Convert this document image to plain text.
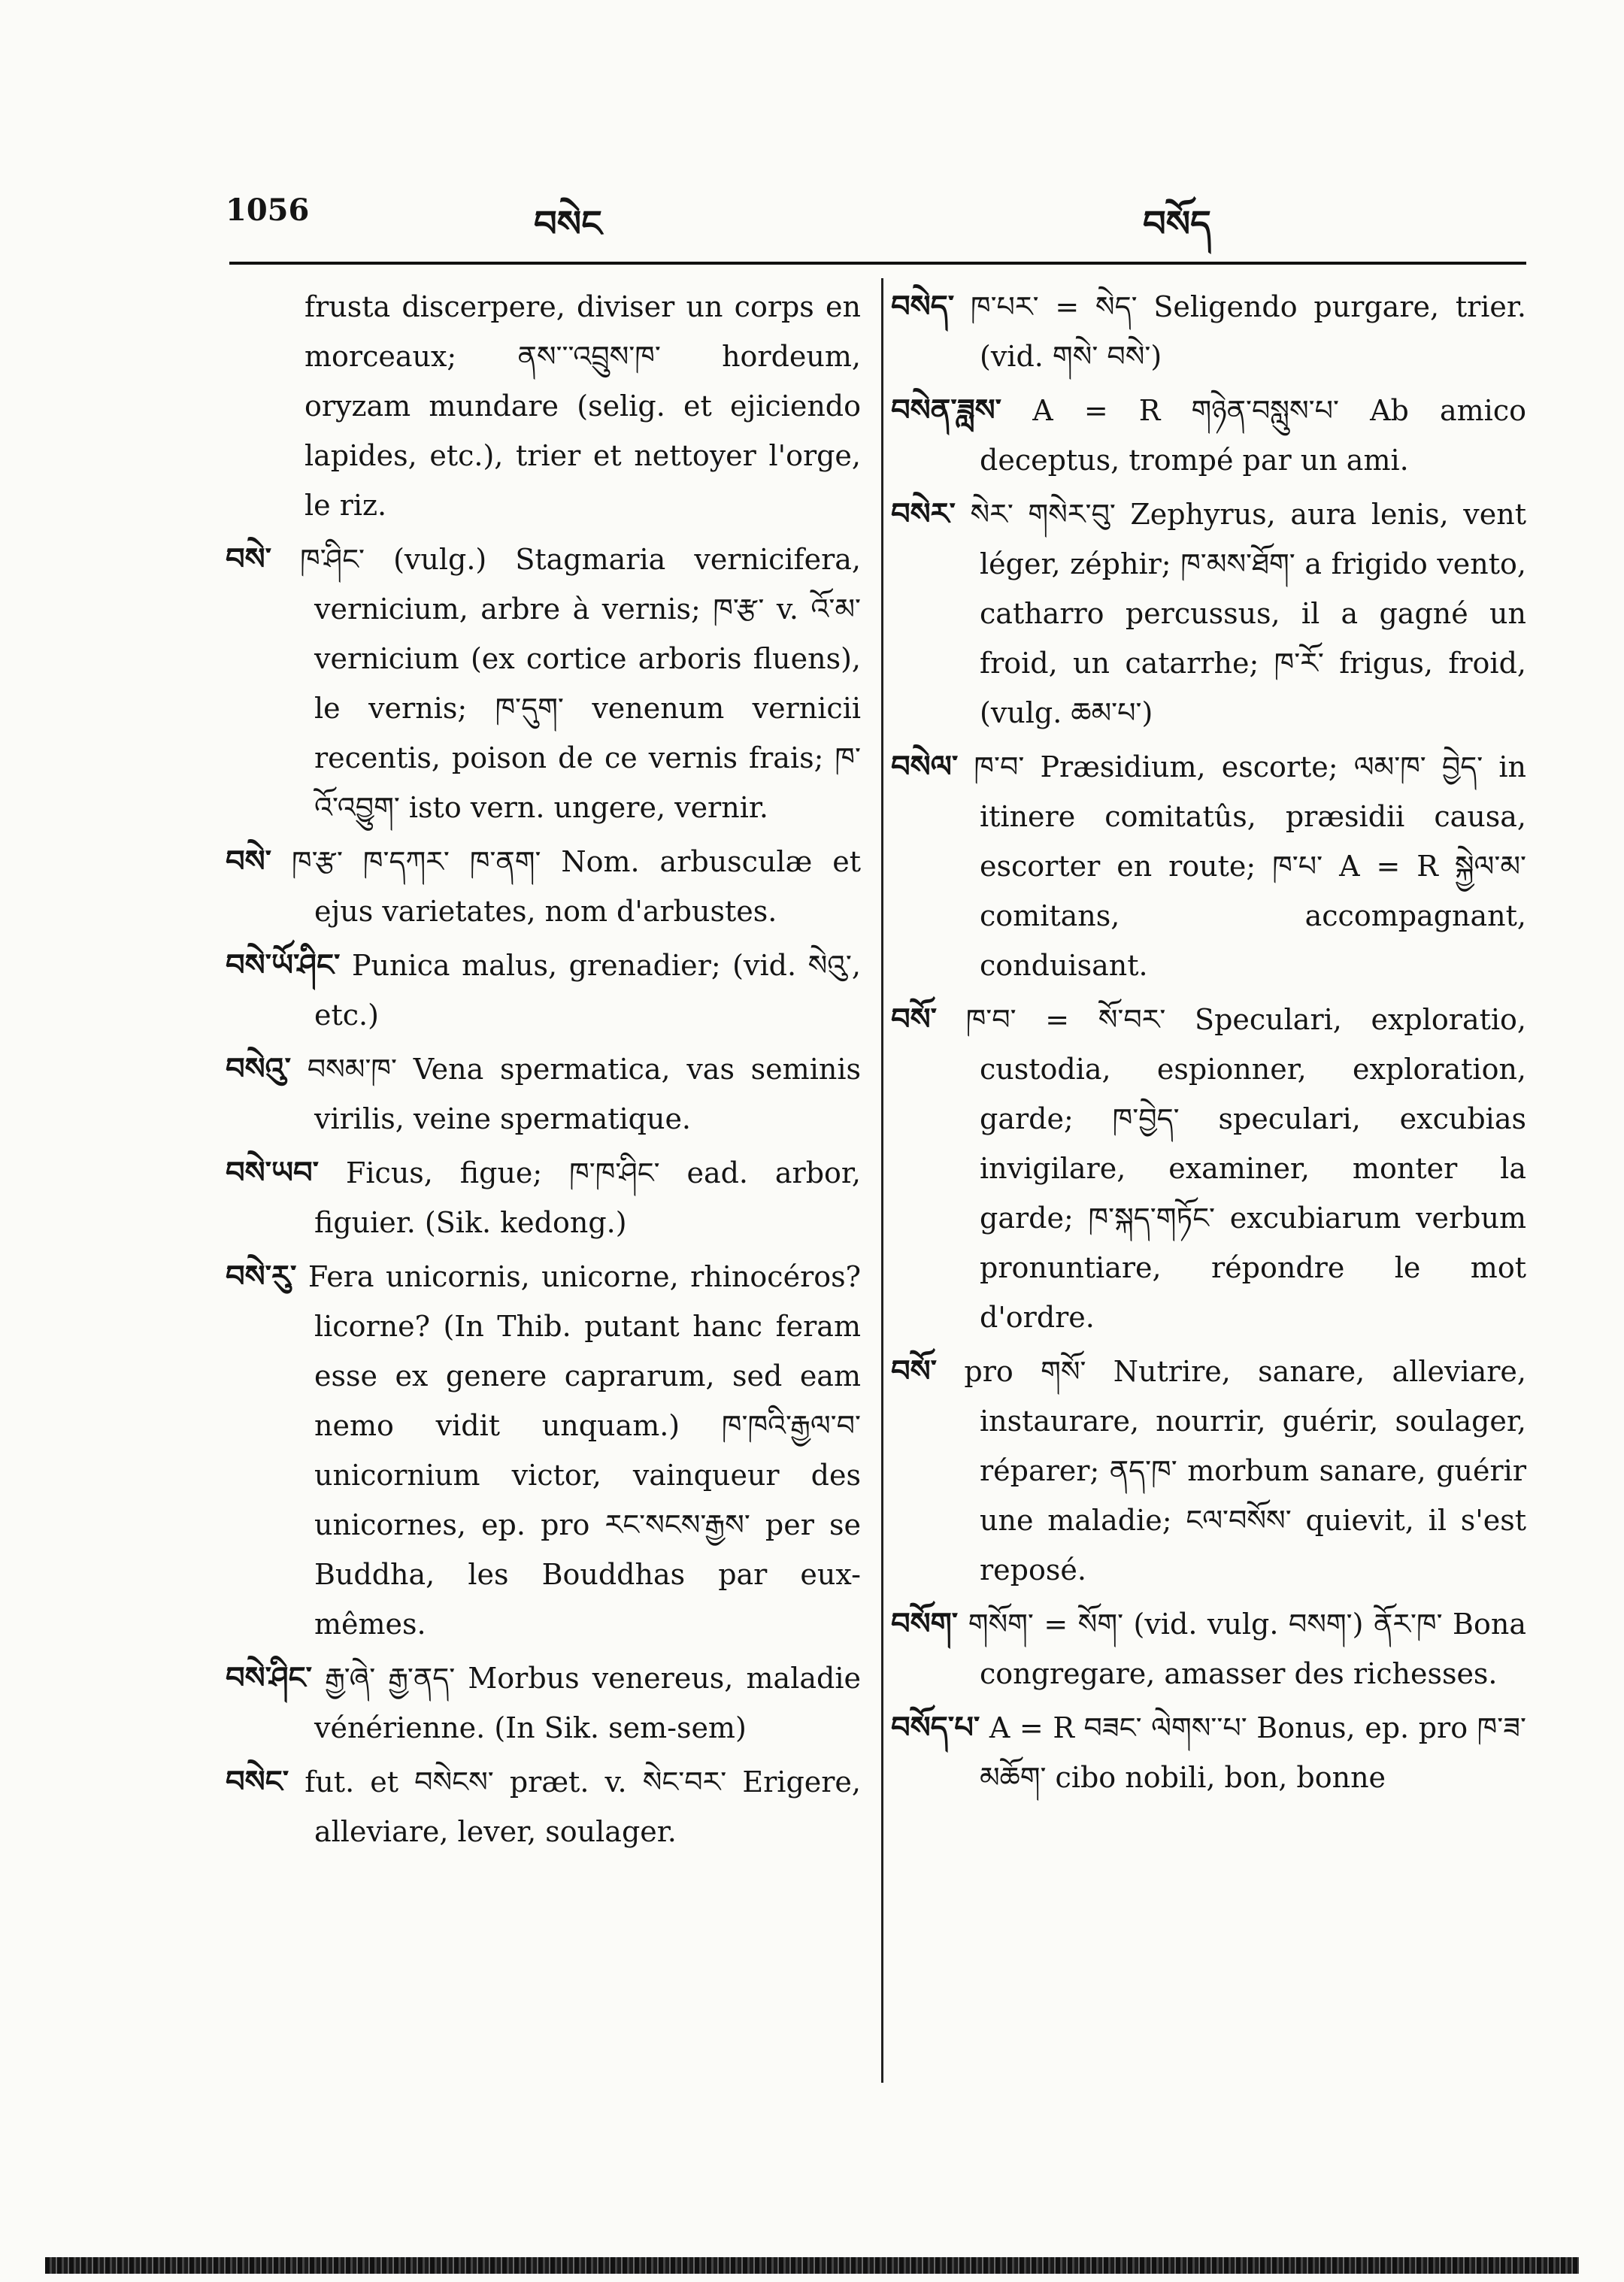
1056	བསེང	བསོད

frusta discerpere, diviser un corps en morceaux; ནས་་་འབྲུས་ཁ་ hordeum, oryzam mundare (selig. et ejiciendo lapides, etc.), trier et nettoyer l'orge, le riz.

བསེ་ ཁ་ཤིང་ (vulg.) Stagmaria vernicifera, vernicium, arbre à vernis; ཁ་རྩ་ v. འོ་མ་ vernicium (ex cortice arboris fluens), le vernis; ཁ་དུག་ venenum vernicii recentis, poison de ce vernis frais; ཁ་འོ་འབྱུག་ isto vern. ungere, vernir.

བསེ་ ཁ་རྩ་ ཁ་དཀར་ ཁ་ནག་ Nom. arbusculæ et ejus varietates, nom d'arbustes.

བསེ་ཡོ་ཤིང་ Punica malus, grenadier; (vid. སེའུ་, etc.)

བསེའུ་ བསམ་ཁ་ Vena spermatica, vas seminis virilis, veine spermatique.

བསེ་ཡབ་ Ficus, figue; ཁ་ཁ་ཤིང་ ead. arbor, figuier. (Sik. kedong.)

བསེ་རུ་ Fera unicornis, unicorne, rhinocéros? licorne? (In Thib. putant hanc feram esse ex genere caprarum, sed eam nemo vidit unquam.) ཁ་ཁའི་རྒྱལ་བ་ unicornium victor, vainqueur des unicornes, ep. pro རང་སངས་རྒྱས་ per se Buddha, les Bouddhas par eux-mêmes.

བསེ་ཤིང་ རྒྱ་ཞེ་ རྒྱ་ནད་ Morbus venereus, maladie vénérienne. (In Sik. sem-sem)

བསེང་ fut. et བསེངས་ præt. v. སེང་བར་ Erigere, alleviare, lever, soulager.

བསེད་ ཁ་པར་ = སེད་ Seligendo purgare, trier. (vid. གསེ་ བསེ་)

བསེན་ཟླས་ A = R གཉེན་བསླུས་པ་ Ab amico deceptus, trompé par un ami.

བསེར་ སེར་ གསེར་བུ་ Zephyrus, aura lenis, vent léger, zéphir; ཁ་མས་ཐོག་ a frigido vento, catharro percussus, il a gagné un froid, un catarrhe; ཁ་རོ་ frigus, froid, (vulg. ཆམ་པ་)

བསེལ་ ཁ་བ་ Præsidium, escorte; ལམ་ཁ་ བྱེད་ in itinere comitatûs, præsidii causa, escorter en route; ཁ་པ་ A = R སྐྱེལ་མ་ comitans, accompagnant, conduisant.

བསོ་ ཁ་བ་ = སོ་བར་ Speculari, exploratio, custodia, espionner, exploration, garde; ཁ་བྱེད་ speculari, excubias invigilare, examiner, monter la garde; ཁ་སྐད་གཏོང་ excubiarum verbum pronuntiare, répondre le mot d'ordre.

བསོ་ pro གསོ་ Nutrire, sanare, alleviare, instaurare, nourrir, guérir, soulager, réparer; ནད་ཁ་ morbum sanare, guérir une maladie; ངལ་བསོས་ quievit, il s'est reposé.

བསོག་ གསོག་ = སོག་ (vid. vulg. བསག་) ནོར་ཁ་ Bona congregare, amasser des richesses.

བསོད་པ་ A = R བཟང་ ལེགས་་པ་ Bonus, ep. pro ཁ་ཟ་མཆོག་ cibo nobili, bon, bonne
